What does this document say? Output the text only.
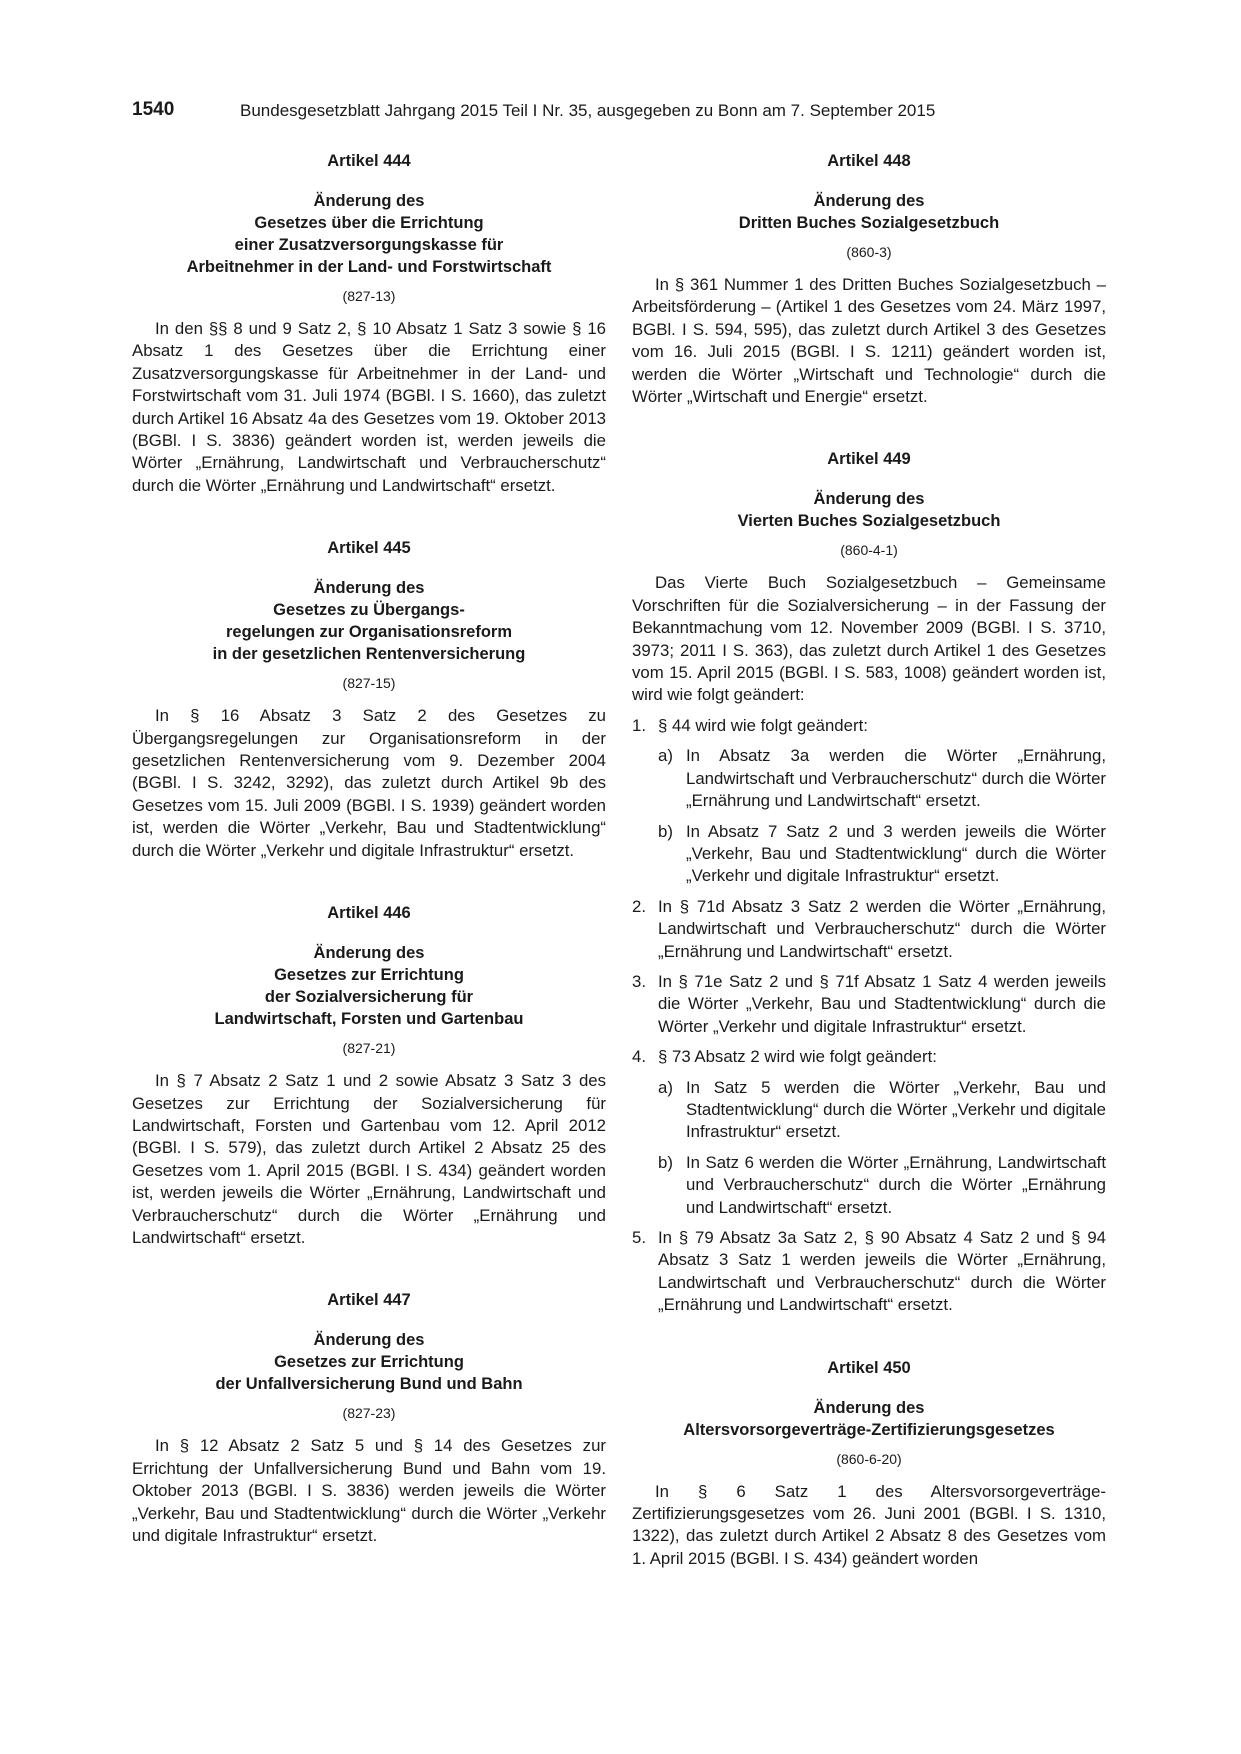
1540	Bundesgesetzblatt Jahrgang 2015 Teil I Nr. 35, ausgegeben zu Bonn am 7. September 2015

Artikel 444

Änderung des
Gesetzes über die Errichtung
einer Zusatzversorgungskasse für
Arbeitnehmer in der Land- und Forstwirtschaft

(827-13)

In den §§ 8 und 9 Satz 2, § 10 Absatz 1 Satz 3 sowie § 16 Absatz 1 des Gesetzes über die Errichtung einer Zusatzversorgungskasse für Arbeitnehmer in der Land- und Forstwirtschaft vom 31. Juli 1974 (BGBl. I S. 1660), das zuletzt durch Artikel 16 Absatz 4a des Gesetzes vom 19. Oktober 2013 (BGBl. I S. 3836) geändert worden ist, werden jeweils die Wörter „Ernährung, Landwirtschaft und Verbraucherschutz“ durch die Wörter „Ernährung und Landwirtschaft“ ersetzt.

Artikel 445

Änderung des
Gesetzes zu Übergangs-
regelungen zur Organisationsreform
in der gesetzlichen Rentenversicherung

(827-15)

In § 16 Absatz 3 Satz 2 des Gesetzes zu Übergangsregelungen zur Organisationsreform in der gesetzlichen Rentenversicherung vom 9. Dezember 2004 (BGBl. I S. 3242, 3292), das zuletzt durch Artikel 9b des Gesetzes vom 15. Juli 2009 (BGBl. I S. 1939) geändert worden ist, werden die Wörter „Verkehr, Bau und Stadtentwicklung“ durch die Wörter „Verkehr und digitale Infrastruktur“ ersetzt.

Artikel 446

Änderung des
Gesetzes zur Errichtung
der Sozialversicherung für
Landwirtschaft, Forsten und Gartenbau

(827-21)

In § 7 Absatz 2 Satz 1 und 2 sowie Absatz 3 Satz 3 des Gesetzes zur Errichtung der Sozialversicherung für Landwirtschaft, Forsten und Gartenbau vom 12. April 2012 (BGBl. I S. 579), das zuletzt durch Artikel 2 Absatz 25 des Gesetzes vom 1. April 2015 (BGBl. I S. 434) geändert worden ist, werden jeweils die Wörter „Ernährung, Landwirtschaft und Verbraucherschutz“ durch die Wörter „Ernährung und Landwirtschaft“ ersetzt.

Artikel 447

Änderung des
Gesetzes zur Errichtung
der Unfallversicherung Bund und Bahn

(827-23)

In § 12 Absatz 2 Satz 5 und § 14 des Gesetzes zur Errichtung der Unfallversicherung Bund und Bahn vom 19. Oktober 2013 (BGBl. I S. 3836) werden jeweils die Wörter „Verkehr, Bau und Stadtentwicklung“ durch die Wörter „Verkehr und digitale Infrastruktur“ ersetzt.

Artikel 448

Änderung des
Dritten Buches Sozialgesetzbuch

(860-3)

In § 361 Nummer 1 des Dritten Buches Sozialgesetzbuch – Arbeitsförderung – (Artikel 1 des Gesetzes vom 24. März 1997, BGBl. I S. 594, 595), das zuletzt durch Artikel 3 des Gesetzes vom 16. Juli 2015 (BGBl. I S. 1211) geändert worden ist, werden die Wörter „Wirtschaft und Technologie“ durch die Wörter „Wirtschaft und Energie“ ersetzt.

Artikel 449

Änderung des
Vierten Buches Sozialgesetzbuch

(860-4-1)

Das Vierte Buch Sozialgesetzbuch – Gemeinsame Vorschriften für die Sozialversicherung – in der Fassung der Bekanntmachung vom 12. November 2009 (BGBl. I S. 3710, 3973; 2011 I S. 363), das zuletzt durch Artikel 1 des Gesetzes vom 15. April 2015 (BGBl. I S. 583, 1008) geändert worden ist, wird wie folgt geändert:

1. § 44 wird wie folgt geändert:
a) In Absatz 3a werden die Wörter „Ernährung, Landwirtschaft und Verbraucherschutz“ durch die Wörter „Ernährung und Landwirtschaft“ ersetzt.
b) In Absatz 7 Satz 2 und 3 werden jeweils die Wörter „Verkehr, Bau und Stadtentwicklung“ durch die Wörter „Verkehr und digitale Infrastruktur“ ersetzt.
2. In § 71d Absatz 3 Satz 2 werden die Wörter „Ernährung, Landwirtschaft und Verbraucherschutz“ durch die Wörter „Ernährung und Landwirtschaft“ ersetzt.
3. In § 71e Satz 2 und § 71f Absatz 1 Satz 4 werden jeweils die Wörter „Verkehr, Bau und Stadtentwicklung“ durch die Wörter „Verkehr und digitale Infrastruktur“ ersetzt.
4. § 73 Absatz 2 wird wie folgt geändert:
a) In Satz 5 werden die Wörter „Verkehr, Bau und Stadtentwicklung“ durch die Wörter „Verkehr und digitale Infrastruktur“ ersetzt.
b) In Satz 6 werden die Wörter „Ernährung, Landwirtschaft und Verbraucherschutz“ durch die Wörter „Ernährung und Landwirtschaft“ ersetzt.
5. In § 79 Absatz 3a Satz 2, § 90 Absatz 4 Satz 2 und § 94 Absatz 3 Satz 1 werden jeweils die Wörter „Ernährung, Landwirtschaft und Verbraucherschutz“ durch die Wörter „Ernährung und Landwirtschaft“ ersetzt.

Artikel 450

Änderung des
Altersvorsorgeverträge-Zertifizierungsgesetzes

(860-6-20)

In § 6 Satz 1 des Altersvorsorgeverträge-Zertifizierungsgesetzes vom 26. Juni 2001 (BGBl. I S. 1310, 1322), das zuletzt durch Artikel 2 Absatz 8 des Gesetzes vom 1. April 2015 (BGBl. I S. 434) geändert worden
